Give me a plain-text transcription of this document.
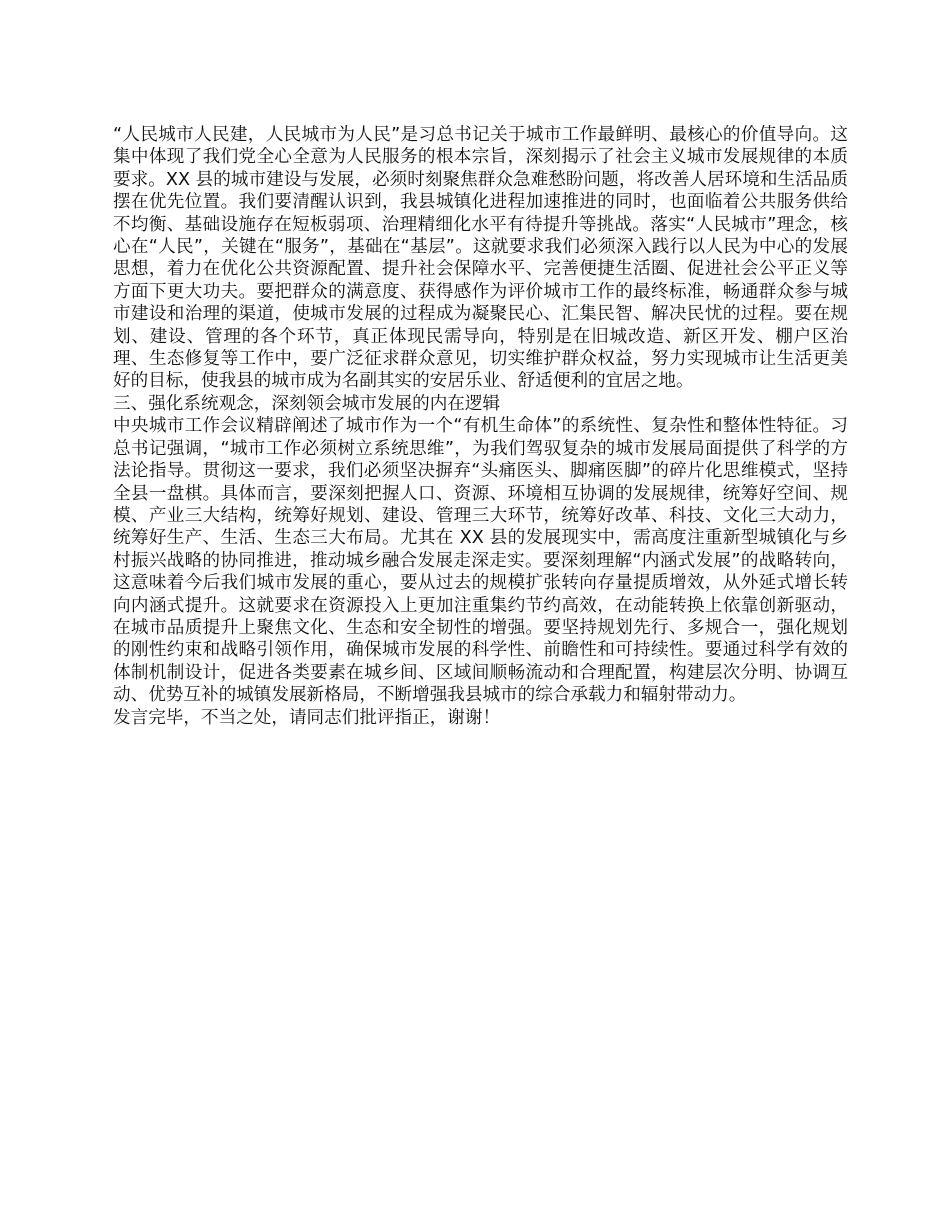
“人民城市人民建，人民城市为人民”是习总书记关于城市工作最鲜明、最核心的价值导向。这集中体现了我们党全心全意为人民服务的根本宗旨，深刻揭示了社会主义城市发展规律的本质要求。XX 县的城市建设与发展，必须时刻聚焦群众急难愁盼问题，将改善人居环境和生活品质摆在优先位置。我们要清醒认识到，我县城镇化进程加速推进的同时，也面临着公共服务供给不均衡、基础设施存在短板弱项、治理精细化水平有待提升等挑战。落实“人民城市”理念，核心在“人民”，关键在“服务”，基础在“基层”。这就要求我们必须深入践行以人民为中心的发展思想，着力在优化公共资源配置、提升社会保障水平、完善便捷生活圈、促进社会公平正义等方面下更大功夫。要把群众的满意度、获得感作为评价城市工作的最终标准，畅通群众参与城市建设和治理的渠道，使城市发展的过程成为凝聚民心、汇集民智、解决民忧的过程。要在规划、建设、管理的各个环节，真正体现民需导向，特别是在旧城改造、新区开发、棚户区治理、生态修复等工作中，要广泛征求群众意见，切实维护群众权益，努力实现城市让生活更美好的目标，使我县的城市成为名副其实的安居乐业、舒适便利的宜居之地。

三、强化系统观念，深刻领会城市发展的内在逻辑

中央城市工作会议精辟阐述了城市作为一个“有机生命体”的系统性、复杂性和整体性特征。习总书记强调，“城市工作必须树立系统思维”，为我们驾驭复杂的城市发展局面提供了科学的方法论指导。贯彻这一要求，我们必须坚决摒弃“头痛医头、脚痛医脚”的碎片化思维模式，坚持全县一盘棋。具体而言，要深刻把握人口、资源、环境相互协调的发展规律，统筹好空间、规模、产业三大结构，统筹好规划、建设、管理三大环节，统筹好改革、科技、文化三大动力，统筹好生产、生活、生态三大布局。尤其在 XX 县的发展现实中，需高度注重新型城镇化与乡村振兴战略的协同推进，推动城乡融合发展走深走实。要深刻理解“内涵式发展”的战略转向，这意味着今后我们城市发展的重心，要从过去的规模扩张转向存量提质增效，从外延式增长转向内涵式提升。这就要求在资源投入上更加注重集约节约高效，在动能转换上依靠创新驱动，在城市品质提升上聚焦文化、生态和安全韧性的增强。要坚持规划先行、多规合一，强化规划的刚性约束和战略引领作用，确保城市发展的科学性、前瞻性和可持续性。要通过科学有效的体制机制设计，促进各类要素在城乡间、区域间顺畅流动和合理配置，构建层次分明、协调互动、优势互补的城镇发展新格局，不断增强我县城市的综合承载力和辐射带动力。

发言完毕，不当之处，请同志们批评指正，谢谢！
